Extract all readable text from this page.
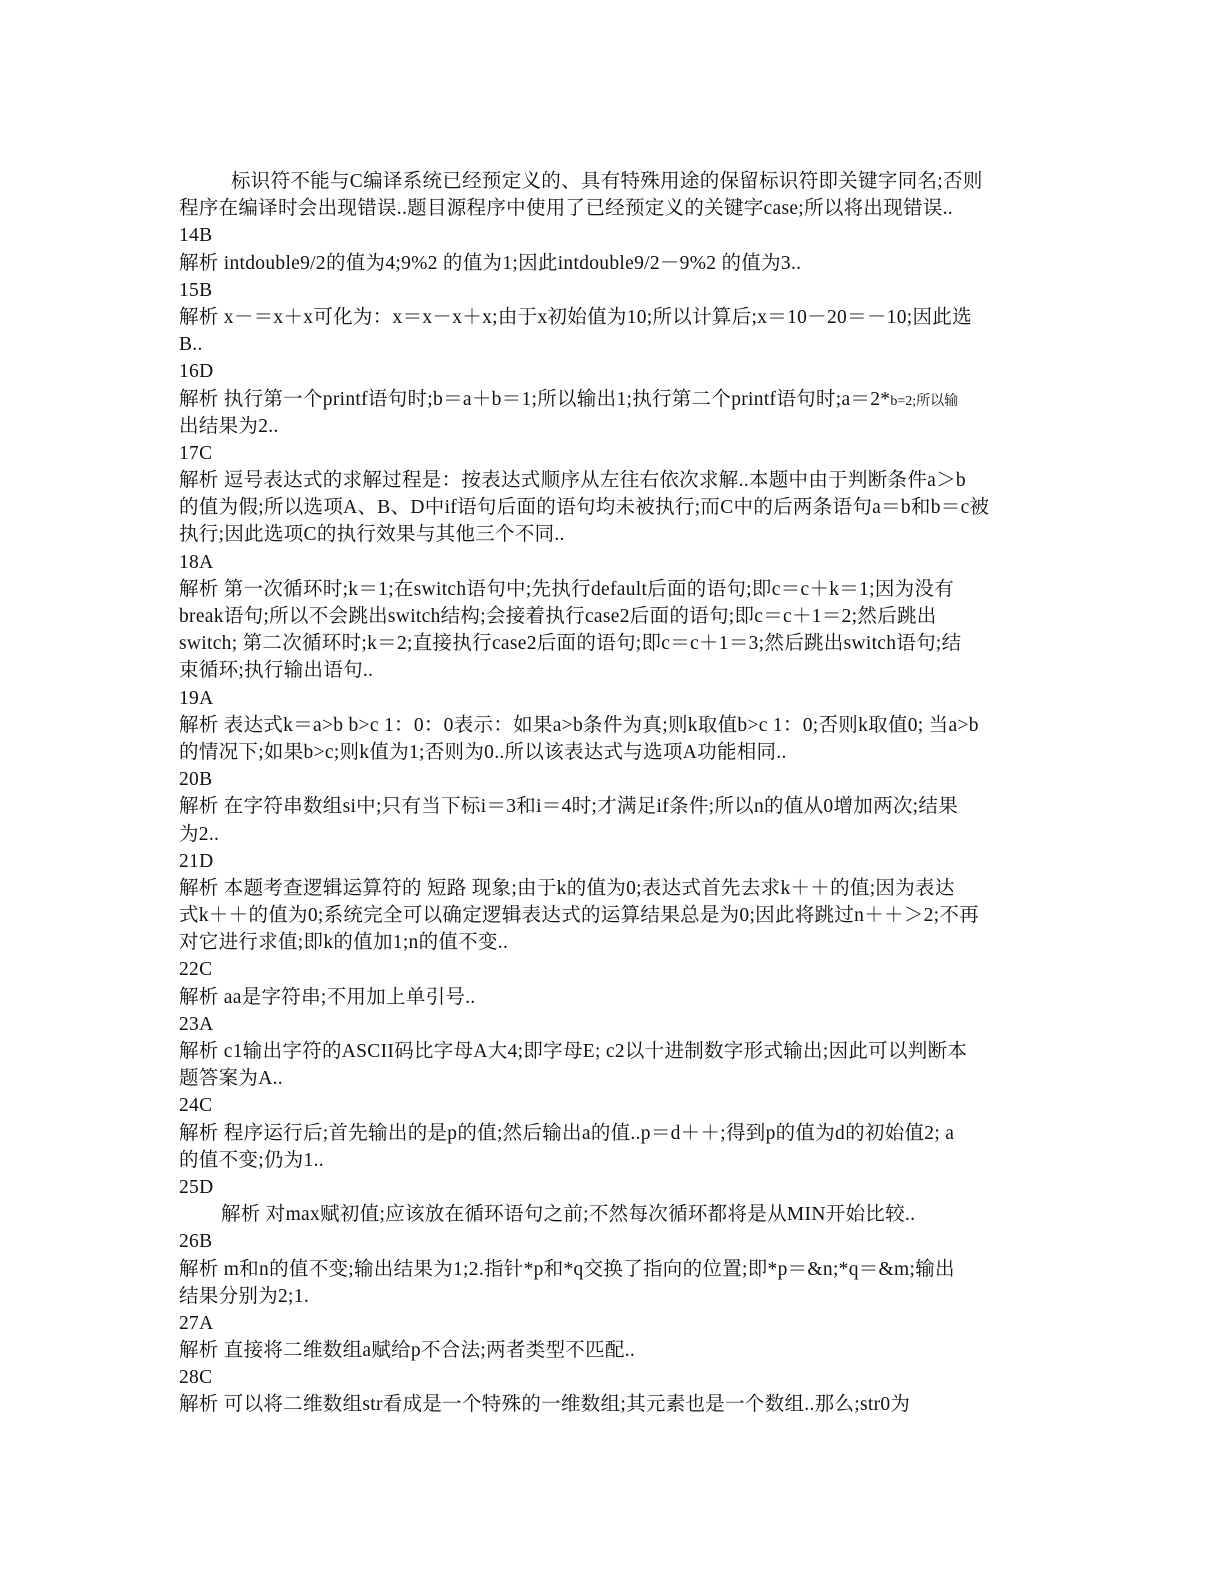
标识符不能与C编译系统已经预定义的、具有特殊用途的保留标识符即关键字同名;否则
程序在编译时会出现错误..题目源程序中使用了已经预定义的关键字case;所以将出现错误..
14B
解析 intdouble9/2的值为4;9%2 的值为1;因此intdouble9/2－9%2 的值为3..
15B
解析 x－＝x＋x可化为：x＝x－x＋x;由于x初始值为10;所以计算后;x＝10－20＝－10;因此选
B..
16D
解析 执行第一个printf语句时;b＝a＋b＝1;所以输出1;执行第二个printf语句时;a＝2*b=2;所以输
出结果为2..
17C
解析 逗号表达式的求解过程是：按表达式顺序从左往右依次求解..本题中由于判断条件a＞b
的值为假;所以选项A、B、D中if语句后面的语句均未被执行;而C中的后两条语句a＝b和b＝c被
执行;因此选项C的执行效果与其他三个不同..
18A
解析 第一次循环时;k＝1;在switch语句中;先执行default后面的语句;即c＝c＋k＝1;因为没有
break语句;所以不会跳出switch结构;会接着执行case2后面的语句;即c＝c＋1＝2;然后跳出
switch; 第二次循环时;k＝2;直接执行case2后面的语句;即c＝c＋1＝3;然后跳出switch语句;结
束循环;执行输出语句..
19A
解析 表达式k＝a>b b>c 1：0：0表示：如果a>b条件为真;则k取值b>c 1：0;否则k取值0; 当a>b
的情况下;如果b>c;则k值为1;否则为0..所以该表达式与选项A功能相同..
20B
解析 在字符串数组si中;只有当下标i＝3和i＝4时;才满足if条件;所以n的值从0增加两次;结果
为2..
21D
解析 本题考查逻辑运算符的 短路 现象;由于k的值为0;表达式首先去求k＋＋的值;因为表达
式k＋＋的值为0;系统完全可以确定逻辑表达式的运算结果总是为0;因此将跳过n＋＋＞2;不再
对它进行求值;即k的值加1;n的值不变..
22C
解析 aa是字符串;不用加上单引号..
23A
解析 c1输出字符的ASCII码比字母A大4;即字母E; c2以十进制数字形式输出;因此可以判断本
题答案为A..
24C
解析 程序运行后;首先输出的是p的值;然后输出a的值..p＝d＋＋;得到p的值为d的初始值2; a
的值不变;仍为1..
25D
解析 对max赋初值;应该放在循环语句之前;不然每次循环都将是从MIN开始比较..
26B
解析 m和n的值不变;输出结果为1;2.指针*p和*q交换了指向的位置;即*p＝&n;*q＝&m;输出
结果分别为2;1.
27A
解析 直接将二维数组a赋给p不合法;两者类型不匹配..
28C
解析 可以将二维数组str看成是一个特殊的一维数组;其元素也是一个数组..那么;str0为
